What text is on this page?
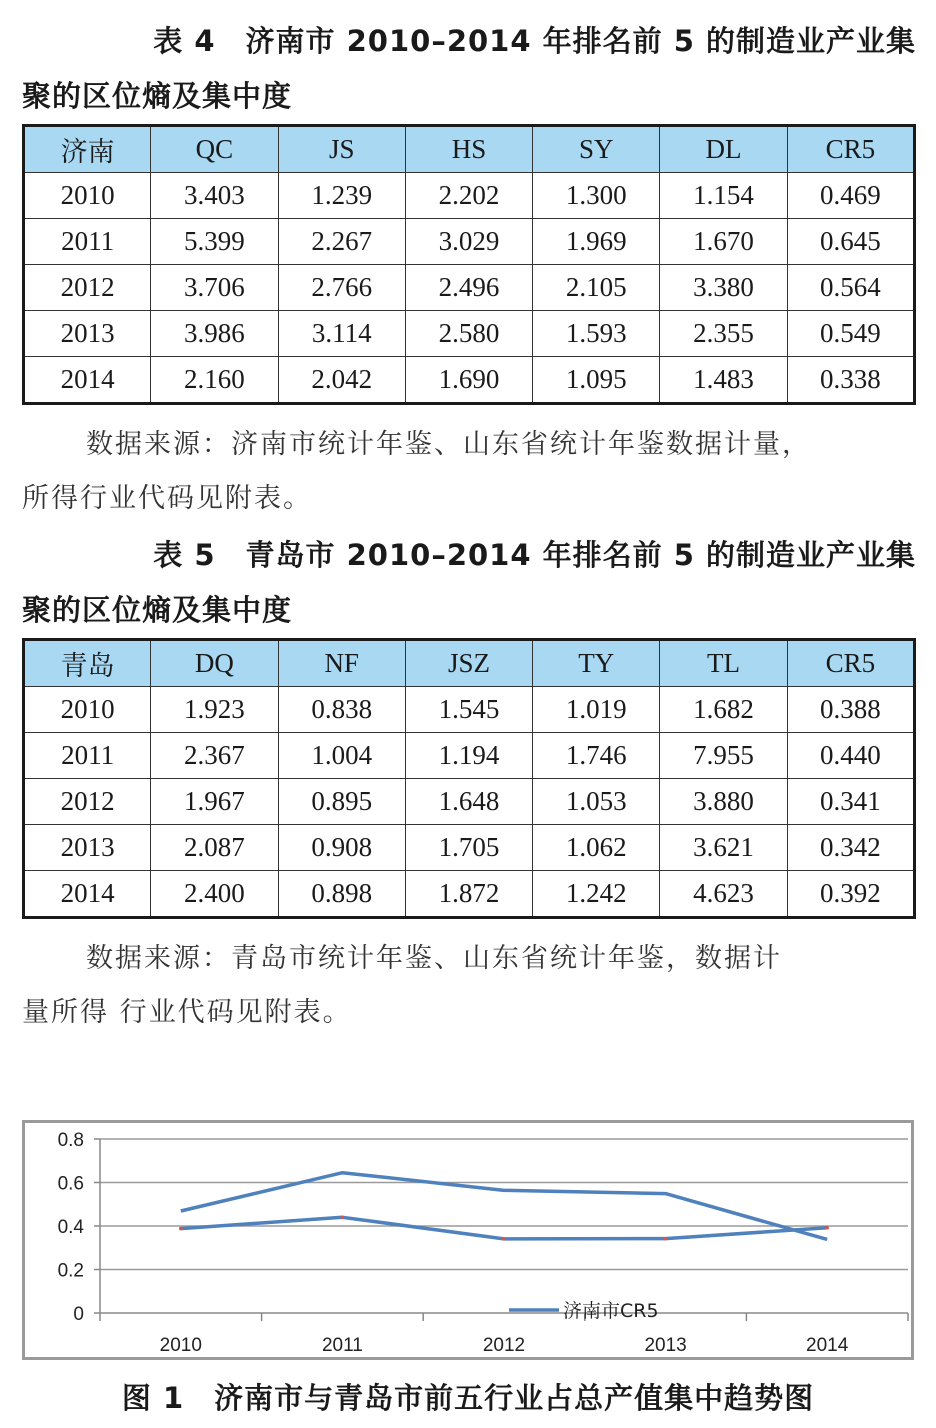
表 4　济南市 2010–2014 年排名前 5 的制造业产业集
聚的区位熵及集中度
济南	QC	JS	HS	SY	DL	CR5
2010	3.403	1.239	2.202	1.300	1.154	0.469
2011	5.399	2.267	3.029	1.969	1.670	0.645
2012	3.706	2.766	2.496	2.105	3.380	0.564
2013	3.986	3.114	2.580	1.593	2.355	0.549
2014	2.160	2.042	1.690	1.095	1.483	0.338
数据来源：济南市统计年鉴、山东省统计年鉴数据计量，
所得行业代码见附表。
表 5　青岛市 2010–2014 年排名前 5 的制造业产业集
聚的区位熵及集中度
青岛	DQ	NF	JSZ	TY	TL	CR5
2010	1.923	0.838	1.545	1.019	1.682	0.388
2011	2.367	1.004	1.194	1.746	7.955	0.440
2012	1.967	0.895	1.648	1.053	3.880	0.341
2013	2.087	0.908	1.705	1.062	3.621	0.342
2014	2.400	0.898	1.872	1.242	4.623	0.392
数据来源：青岛市统计年鉴、山东省统计年鉴，数据计
量所得 行业代码见附表。
0
0.2
0.4
0.6
0.8
2010	2011	2012	2013	2014
济南市CR5
图 1　济南市与青岛市前五行业占总产值集中趋势图
